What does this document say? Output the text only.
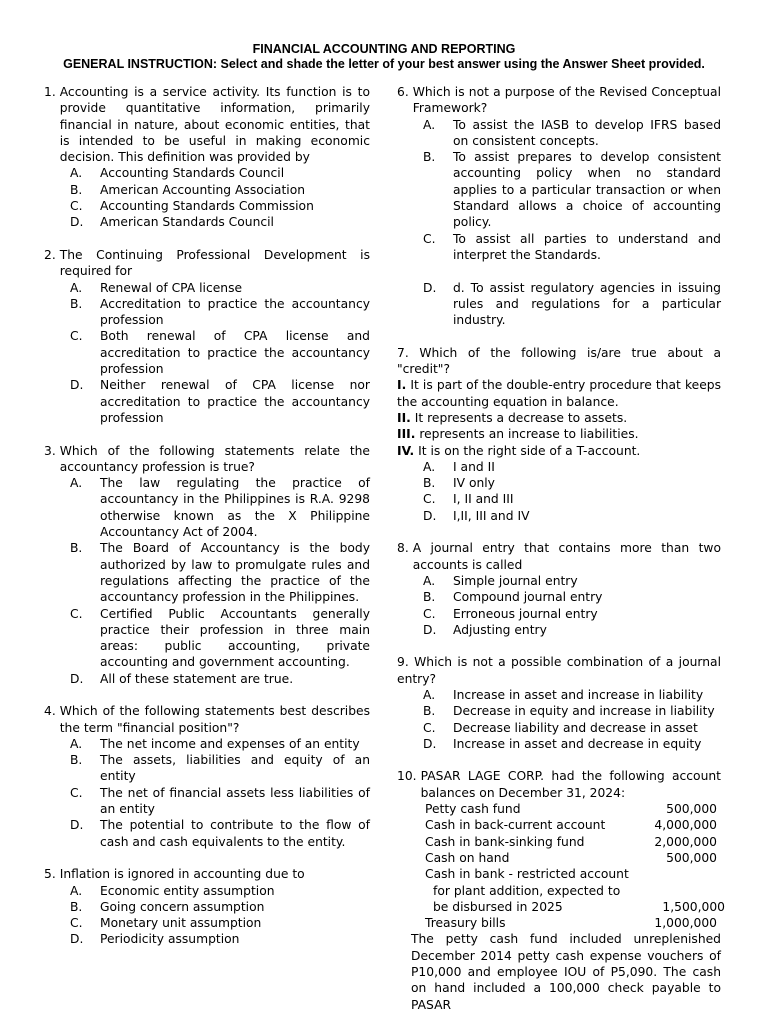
FINANCIAL ACCOUNTING AND REPORTING
GENERAL INSTRUCTION: Select and shade the letter of your best answer using the Answer Sheet provided.
1. Accounting is a service activity. Its function is to provide quantitative information, primarily financial in nature, about economic entities, that is intended to be useful in making economic decision. This definition was provided by
A.	Accounting Standards Council
B.	American Accounting Association
C.	Accounting Standards Commission
D.	American Standards Council
2. The Continuing Professional Development is required for
A.	Renewal of CPA license
B.	Accreditation to practice the accountancy profession
C.	Both renewal of CPA license and accreditation to practice the accountancy profession
D.	Neither renewal of CPA license nor accreditation to practice the accountancy profession
3. Which of the following statements relate the accountancy profession is true?
A.	The law regulating the practice of accountancy in the Philippines is R.A. 9298 otherwise known as the X Philippine Accountancy Act of 2004.
B.	The Board of Accountancy is the body authorized by law to promulgate rules and regulations affecting the practice of the accountancy profession in the Philippines.
C.	Certified Public Accountants generally practice their profession in three main areas: public accounting, private accounting and government accounting.
D.	All of these statement are true.
4. Which of the following statements best describes the term "financial position"?
A.	The net income and expenses of an entity
B.	The assets, liabilities and equity of an entity
C.	The net of financial assets less liabilities of an entity
D.	The potential to contribute to the flow of cash and cash equivalents to the entity.
5. Inflation is ignored in accounting due to
A.	Economic entity assumption
B.	Going concern assumption
C.	Monetary unit assumption
D.	Periodicity assumption
6. Which is not a purpose of the Revised Conceptual Framework?
A.	To assist the IASB to develop IFRS based on consistent concepts.
B.	To assist prepares to develop consistent accounting policy when no standard applies to a particular transaction or when Standard allows a choice of accounting policy.
C.	To assist all parties to understand and interpret the Standards.
D.	d. To assist regulatory agencies in issuing rules and regulations for a particular industry.
7. Which of the following is/are true about a "credit"?
I. It is part of the double-entry procedure that keeps the accounting equation in balance.
II. It represents a decrease to assets.
III. represents an increase to liabilities.
IV. It is on the right side of a T-account.
A.	I and II
B.	IV only
C.	I, II and III
D.	I,II, III and IV
8. A journal entry that contains more than two accounts is called
A.	Simple journal entry
B.	Compound journal entry
C.	Erroneous journal entry
D.	Adjusting entry
9. Which is not a possible combination of a journal entry?
A.	Increase in asset and increase in liability
B.	Decrease in equity and increase in liability
C.	Decrease liability and decrease in asset
D.	Increase in asset and decrease in equity
10. PASAR LAGE CORP. had the following account balances on December 31, 2024:
Petty cash fund	500,000
Cash in back-current account	4,000,000
Cash in bank-sinking fund	2,000,000
Cash on hand	500,000
Cash in bank - restricted account
for plant addition, expected to
be disbursed in 2025	1,500,000
Treasury bills	1,000,000
The petty cash fund included unreplenished December 2014 petty cash expense vouchers of P10,000 and employee IOU of P5,090. The cash on hand included a 100,000 check payable to PASAR
